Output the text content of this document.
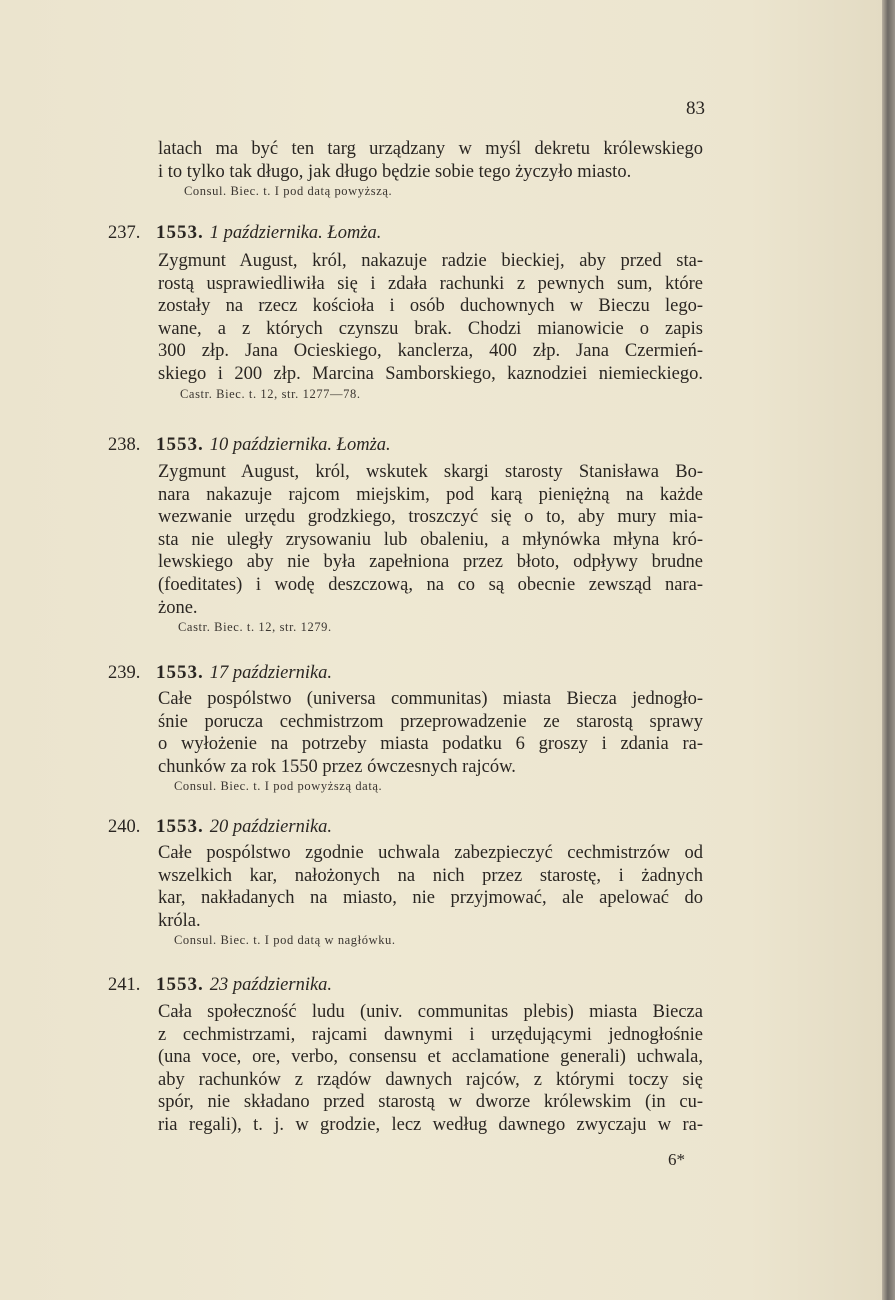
83
latach ma być ten targ urządzany w myśl dekretu królewskiego
i to tylko tak długo, jak długo będzie sobie tego życzyło miasto.
Consul. Biec. t. I pod datą powyższą.
237. 1553. 1 października. Łomża.
Zygmunt August, król, nakazuje radzie bieckiej, aby przed sta-
rostą usprawiedliwiła się i zdała rachunki z pewnych sum, które
zostały na rzecz kościoła i osób duchownych w Bieczu lego-
wane, a z których czynszu brak. Chodzi mianowicie o zapis
300 złp. Jana Ocieskiego, kanclerza, 400 złp. Jana Czermień-
skiego i 200 złp. Marcina Samborskiego, kaznodziei niemieckiego.
Castr. Biec. t. 12, str. 1277—78.
238. 1553. 10 października. Łomża.
Zygmunt August, król, wskutek skargi starosty Stanisława Bo-
nara nakazuje rajcom miejskim, pod karą pieniężną na każde
wezwanie urzędu grodzkiego, troszczyć się o to, aby mury mia-
sta nie uległy zrysowaniu lub obaleniu, a młynówka młyna kró-
lewskiego aby nie była zapełniona przez błoto, odpływy brudne
(foeditates) i wodę deszczową, na co są obecnie zewsząd nara-
żone.
Castr. Biec. t. 12, str. 1279.
239. 1553. 17 października.
Całe pospólstwo (universa communitas) miasta Biecza jednogło-
śnie porucza cechmistrzom przeprowadzenie ze starostą sprawy
o wyłożenie na potrzeby miasta podatku 6 groszy i zdania ra-
chunków za rok 1550 przez ówczesnych rajców.
Consul. Biec. t. I pod powyższą datą.
240. 1553. 20 października.
Całe pospólstwo zgodnie uchwala zabezpieczyć cechmistrzów od
wszelkich kar, nałożonych na nich przez starostę, i żadnych
kar, nakładanych na miasto, nie przyjmować, ale apelować do
króla.
Consul. Biec. t. I pod datą w nagłówku.
241. 1553. 23 października.
Cała społeczność ludu (univ. communitas plebis) miasta Biecza
z cechmistrzami, rajcami dawnymi i urzędującymi jednogłośnie
(una voce, ore, verbo, consensu et acclamatione generali) uchwala,
aby rachunków z rządów dawnych rajców, z którymi toczy się
spór, nie składano przed starostą w dworze królewskim (in cu-
ria regali), t. j. w grodzie, lecz według dawnego zwyczaju w ra-
6*
